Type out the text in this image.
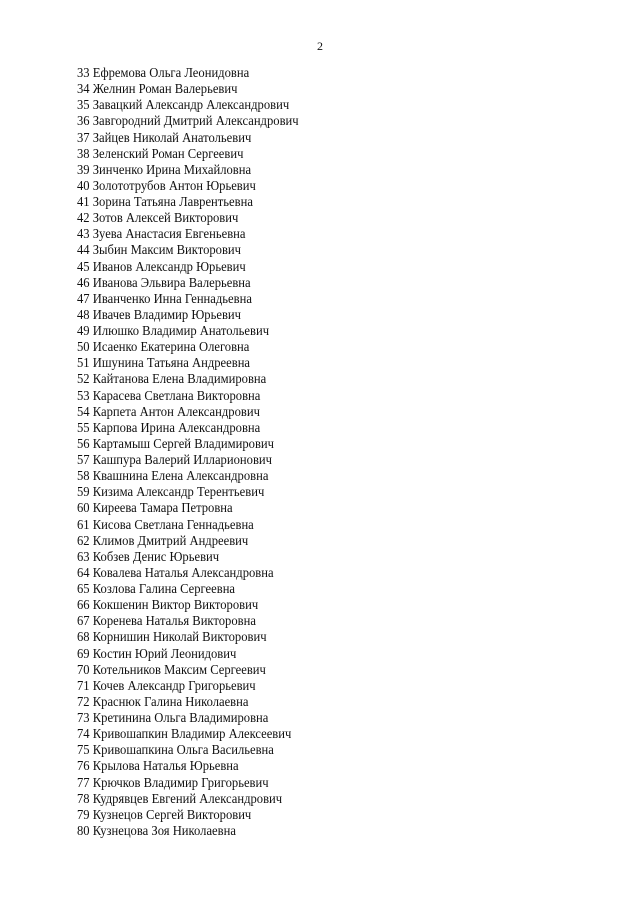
2
33 Ефремова Ольга Леонидовна
34 Желнин Роман Валерьевич
35 Завацкий Александр Александрович
36 Завгородний Дмитрий Александрович
37 Зайцев Николай Анатольевич
38 Зеленский Роман Сергеевич
39 Зинченко Ирина Михайловна
40 Золототрубов Антон Юрьевич
41 Зорина Татьяна Лаврентьевна
42 Зотов Алексей Викторович
43 Зуева Анастасия Евгеньевна
44 Зыбин Максим Викторович
45 Иванов Александр Юрьевич
46 Иванова Эльвира Валерьевна
47 Иванченко Инна Геннадьевна
48 Ивачев Владимир Юрьевич
49 Илюшко Владимир Анатольевич
50 Исаенко Екатерина Олеговна
51 Ишунина Татьяна Андреевна
52 Кайтанова Елена Владимировна
53 Карасева Светлана Викторовна
54 Карпета Антон Александрович
55 Карпова Ирина Александровна
56 Картамыш Сергей Владимирович
57 Кашпура Валерий Илларионович
58 Квашнина Елена Александровна
59 Кизима Александр Терентьевич
60 Киреева Тамара Петровна
61 Кисова Светлана Геннадьевна
62 Климов Дмитрий Андреевич
63 Кобзев Денис Юрьевич
64 Ковалева Наталья Александровна
65 Козлова Галина Сергеевна
66 Кокшенин Виктор Викторович
67 Коренева Наталья Викторовна
68 Корнишин Николай Викторович
69 Костин Юрий Леонидович
70 Котельников Максим Сергеевич
71 Кочев Александр Григорьевич
72 Краснюк Галина Николаевна
73 Кретинина Ольга Владимировна
74 Кривошапкин Владимир Алексеевич
75 Кривошапкина Ольга Васильевна
76 Крылова Наталья Юрьевна
77 Крючков Владимир Григорьевич
78 Кудрявцев Евгений Александрович
79 Кузнецов Сергей Викторович
80 Кузнецова Зоя Николаевна
